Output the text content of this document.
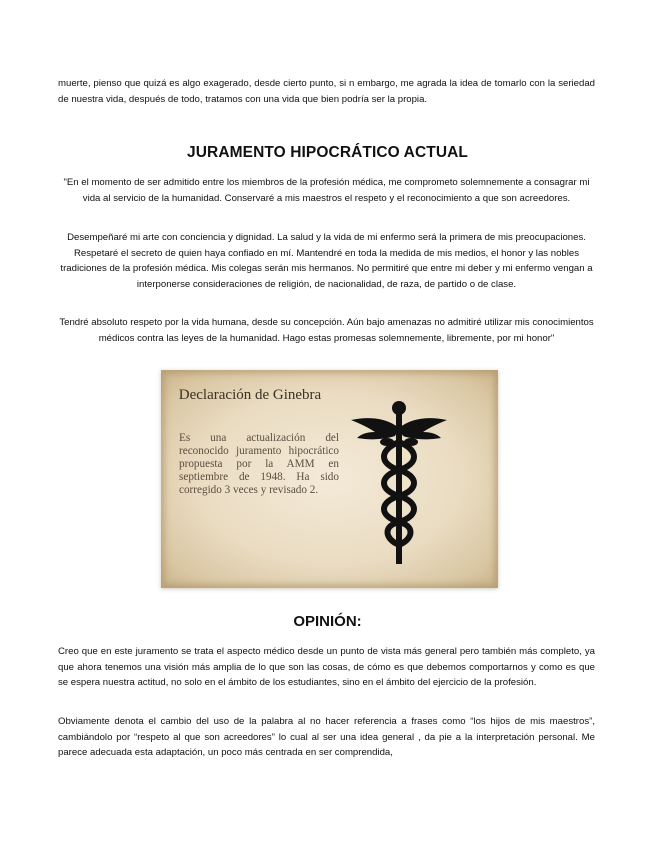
muerte, pienso que quizá es algo exagerado, desde cierto punto, si n embargo, me agrada la idea de tomarlo con la seriedad de nuestra vida, después de todo, tratamos con una vida que bien podría ser la propia.

JURAMENTO HIPOCRÁTICO ACTUAL

"En el momento de ser admitido entre los miembros de la profesión médica, me comprometo solemnemente a consagrar mi vida al servicio de la humanidad. Conservaré a mis maestros el respeto y el reconocimiento a que son acreedores.

Desempeñaré mi arte con conciencia y dignidad. La salud y la vida de mi enfermo será la primera de mis preocupaciones. Respetaré el secreto de quien haya confiado en mí. Mantendré en toda la medida de mis medios, el honor y las nobles tradiciones de la profesión médica. Mis colegas serán mis hermanos. No permitiré que entre mi deber y mi enfermo vengan a interponerse consideraciones de religión, de nacionalidad, de raza, de partido o de clase.

Tendré absoluto respeto por la vida humana, desde su concepción. Aún bajo amenazas no admitiré utilizar mis conocimientos médicos contra las leyes de la humanidad. Hago estas promesas solemnemente, libremente, por mi honor"

Declaración de Ginebra
Es una actualización del reconocido juramento hipocrático propuesta por la AMM en septiembre de 1948. Ha sido corregido 3 veces y revisado 2.
OPINIÓN:

Creo que en este juramento se trata el aspecto médico desde un punto de vista más general pero también más completo, ya que ahora tenemos una visión más amplia de lo que son las cosas, de cómo es que debemos comportarnos y como es que se espera nuestra actitud, no solo en el ámbito de los estudiantes, sino en el ámbito del ejercicio de la profesión.

Obviamente denota el cambio del uso de la palabra al no hacer referencia a frases como “los hijos de mis maestros”, cambiándolo por “respeto al que son acreedores” lo cual al ser una idea general , da pie a la interpretación personal. Me parece adecuada esta adaptación, un poco más centrada en ser comprendida,
